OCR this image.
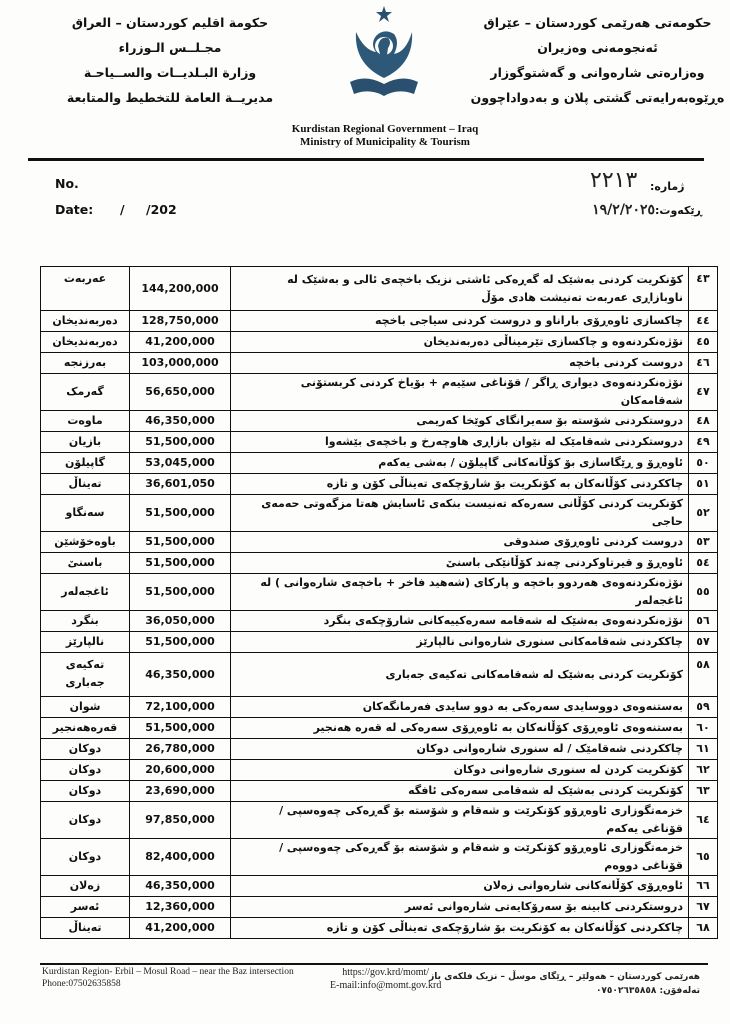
حكومة اقليم كوردستان – العراق
مجـلــس الـوزراء
وزارة البـلديــات والســياحـة
مديريــة العامة للتخطيط والمتابعة
Kurdistan Regional Government – Iraq
Ministry of Municipality & Tourism
حکومەتی هەرێمی کوردستان – عێراق
ئەنجومەنی وەزیران
وەزارەتی شارەوانی و گەشتوگوزار
ەڕێوەبەرایەتی گشتی پلان و بەدواداچوون
No.
Date: / /202
٢٢١٣ ژمارە:
ڕێکەوت:١٩/٢/٢٠٢٥
٤٣	کۆنکریت کردنی بەشێک لە گەڕەکی ئاشتی نزیک باخچەی ئالی و بەشێک لە ناوبازاڕی عەربەت تەنیشت هادی مۆڵ	144,200,000	عەربەت
٤٤	چاکسازی ئاوەڕۆی باراناو و دروست کردنی سیاجی باخچە	128,750,000	دەربەندیخان
٤٥	نۆژەنکردنەوە و چاکسازی تێرمیناڵی دەربەندیخان	41,200,000	دەربەندیخان
٤٦	دروست کردنی باخچە	103,000,000	بەرزنجە
٤٧	نۆژەنکردنەوەی دیواری ڕاگر / قۆناغی سێیەم + بۆیاخ کردنی کربستۆنی شەقامەکان	56,650,000	گەرمک
٤٨	دروستکردنی شۆستە بۆ سەیرانگای کوێخا کەریمی	46,350,000	ماوەت
٤٩	دروستکردنی شەقامێک لە نێوان بازاڕی هاوچەرخ و باخچەی بێشەوا	51,500,000	بازیان
٥٠	ئاوەڕۆ و ڕێگاسازی بۆ کۆڵانەکانی گاپیلۆن / بەشی یەکەم	53,045,000	گاپیلۆن
٥١	چاککردنی کۆڵانەکان بە کۆنکریت بۆ شارۆچکەی تەیناڵی کۆن و تازە	36,601,050	تەیناڵ
٥٢	کۆنکریت کردنی کۆڵانی سەرەکە تەنیست بنکەی ئاسایش هەتا مزگەوتی حەمەی حاجی	51,500,000	سەنگاو
٥٣	دروست کردنی ئاوەڕۆی صندوقی	51,500,000	باوەخۆشێن
٥٤	ئاوەڕۆ و قیرتاوکردنی چەند کۆڵانێکی باسنێ	51,500,000	باسنێ
٥٥	نۆژەنکردنەوەی هەردوو باخچە و پارکای (شەهید فاخر + باخچەی شارەوانی ) لە ئاغجەلەر	51,500,000	ئاغجەلەر
٥٦	نۆژەنکردنەوەی بەشێک لە شەقامە سەرەکییەکانی شارۆچکەی بنگرد	36,050,000	بنگرد
٥٧	چاککردنی شەقامەکانی سنوری شارەوانی نالپارێز	51,500,000	نالپارێز
٥٨	کۆنکریت کردنی بەشێک لە شەقامەکانی تەکیەی جەباری	46,350,000	تەکیەی جەباری
٥٩	بەستنەوەی دووسایدی سەرەکی بە دوو سایدی فەرمانگەکان	72,100,000	شوان
٦٠	بەستنەوەی ئاوەڕۆی کۆڵانەکان بە ئاوەڕۆی سەرەکی لە قەرە هەنجیر	51,500,000	قەرەهەنجیر
٦١	چاککردنی شەقامێک / لە سنوری شارەوانی دوکان	26,780,000	دوکان
٦٢	کۆنکریت کردن لە سنوری شارەوانی دوکان	20,600,000	دوکان
٦٣	کۆنکریت کردنی بەشێک لە شەقامی سەرەکی ئافگە	23,690,000	دوکان
٦٤	خزمەتگوزاری ئاوەڕۆو کۆنکرێت و شەقام و شۆستە بۆ گەڕەکی چەوەسپی / قۆناغی یەکەم	97,850,000	دوکان
٦٥	خزمەتگوزاری ئاوەڕۆو کۆنکرێت و شەقام و شۆستە بۆ گەڕەکی چەوەسپی / قۆناغی دووەم	82,400,000	دوکان
٦٦	ئاوەڕۆی کۆڵانەکانی شارەوانی زەلان	46,350,000	زەلان
٦٧	دروستکردنی کابینە بۆ سەرۆکایەتی شارەوانی ئەسر	12,360,000	ئەسر
٦٨	چاککردنی کۆڵانەکان بە کۆنکریت بۆ شارۆچکەی تەیناڵی کۆن و تازە	41,200,000	تەیناڵ
Kurdistan Region- Erbil – Mosul Road – near the Baz intersection
Phone:07502635858
https://gov.krd/momt/
E-mail:info@momt.gov.krd
هەرێمی کوردستان – هەولێر – ڕێگای موسڵ – نزیک فلکەی باز
تەلەفۆن: ٠٧٥٠٢٦٣٥٨٥٨
